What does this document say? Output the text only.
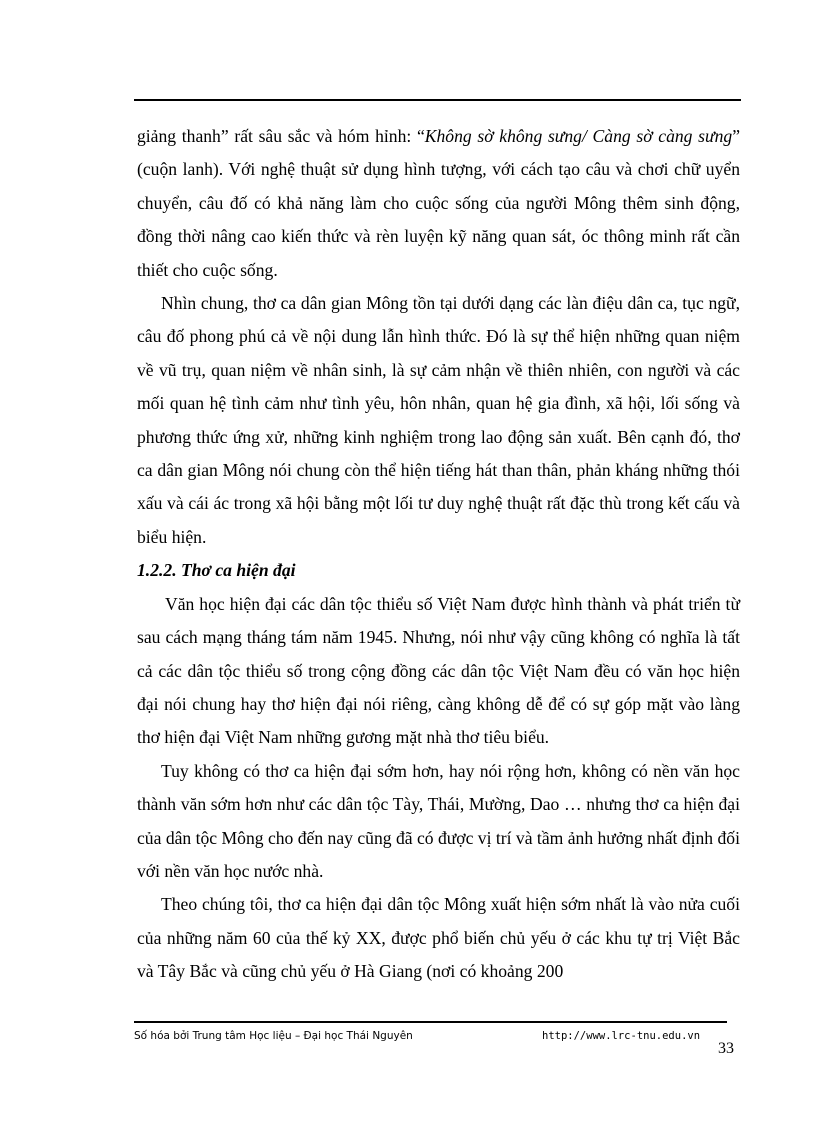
giảng thanh” rất sâu sắc và hóm hỉnh: “Không sờ không sưng/ Càng sờ càng sưng” (cuộn lanh). Với nghệ thuật sử dụng hình tượng, với cách tạo câu và chơi chữ uyển chuyển, câu đố có khả năng làm cho cuộc sống của người Mông thêm sinh động, đồng thời nâng cao kiến thức và rèn luyện kỹ năng quan sát, óc thông minh rất cần thiết cho cuộc sống.

Nhìn chung, thơ ca dân gian Mông tồn tại dưới dạng các làn điệu dân ca, tục ngữ, câu đố phong phú cả về nội dung lẫn hình thức. Đó là sự thể hiện những quan niệm về vũ trụ, quan niệm về nhân sinh, là sự cảm nhận về thiên nhiên, con người và các mối quan hệ tình cảm như tình yêu, hôn nhân, quan hệ gia đình, xã hội, lối sống và phương thức ứng xử, những kinh nghiệm trong lao động sản xuất. Bên cạnh đó, thơ ca dân gian Mông nói chung còn thể hiện tiếng hát than thân, phản kháng những thói xấu và cái ác trong xã hội bằng một lối tư duy nghệ thuật rất đặc thù trong kết cấu và biểu hiện.

1.2.2. Thơ ca hiện đại

Văn học hiện đại các dân tộc thiểu số Việt Nam được hình thành và phát triển từ sau cách mạng tháng tám năm 1945. Nhưng, nói như vậy cũng không có nghĩa là tất cả các dân tộc thiểu số trong cộng đồng các dân tộc Việt Nam đều có văn học hiện đại nói chung hay thơ hiện đại nói riêng, càng không dễ để có sự góp mặt vào làng thơ hiện đại Việt Nam những gương mặt nhà thơ tiêu biểu.

Tuy không có thơ ca hiện đại sớm hơn, hay nói rộng hơn, không có nền văn học thành văn sớm hơn như các dân tộc Tày, Thái, Mường, Dao … nhưng thơ ca hiện đại của dân tộc Mông cho đến nay cũng đã có được vị trí và tầm ảnh hưởng nhất định đối với nền văn học nước nhà.

Theo chúng tôi, thơ ca hiện đại dân tộc Mông xuất hiện sớm nhất là vào nửa cuối của những năm 60 của thế kỷ XX, được phổ biến chủ yếu ở các khu tự trị Việt Bắc và Tây Bắc và cũng chủ yếu ở Hà Giang (nơi có khoảng 200

Số hóa bởi Trung tâm Học liệu – Đại học Thái Nguyên	http://www.lrc-tnu.edu.vn
33
